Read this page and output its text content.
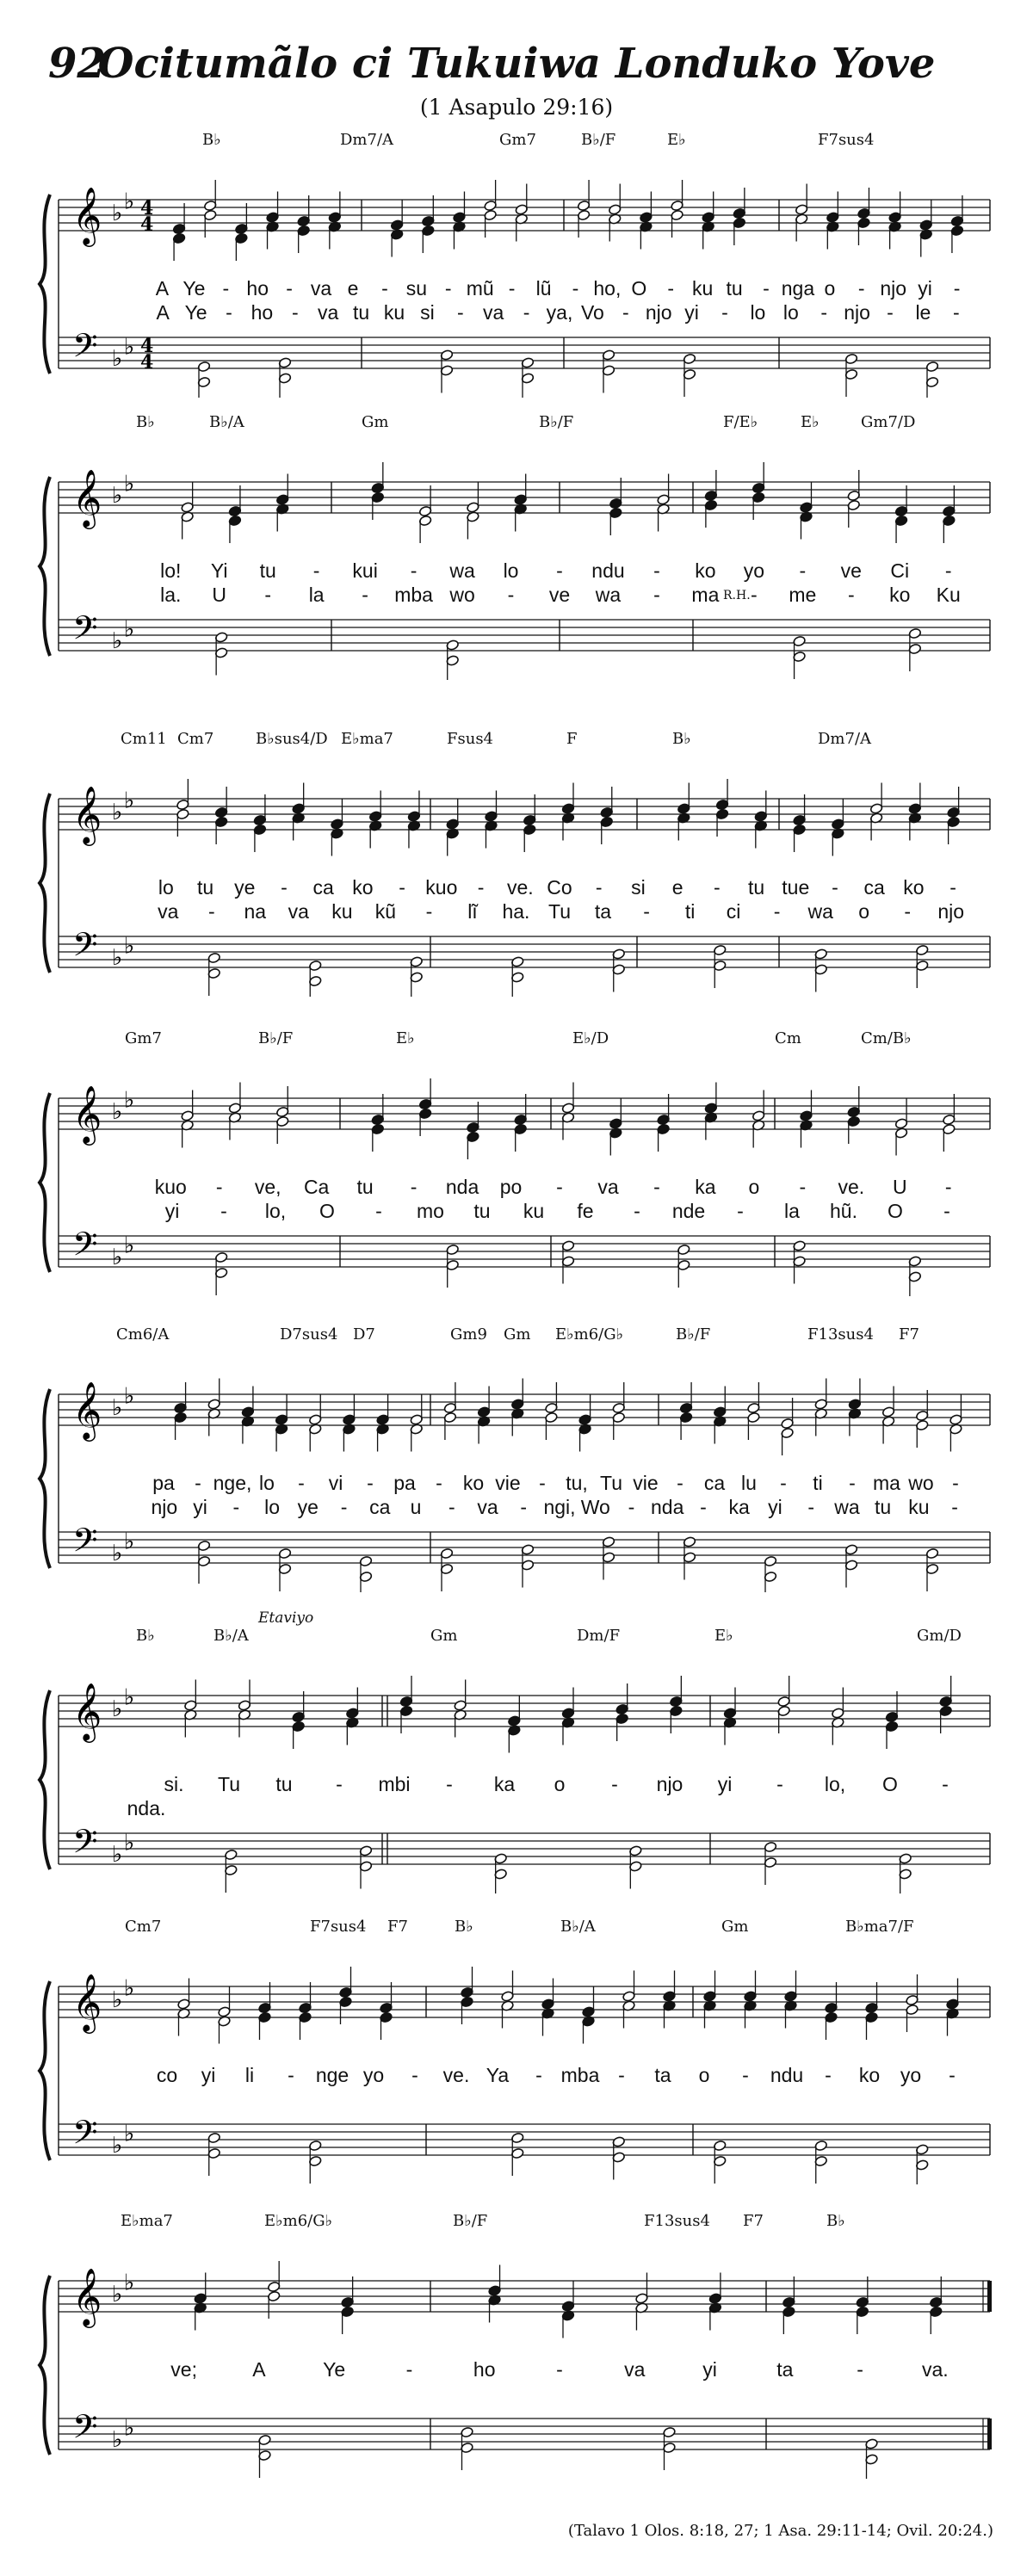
92
Ocitumãlo ci Tukuiwa Londuko Yove
(1 Asapulo 29:16)
𝄞
𝄢
♭ ♭
♭ ♭
4
4
4
4
B♭	Dm7/A	Gm7	B♭/F	E♭	F7sus4
A Ye - ho - va e - su - mũ - lũ - ho, O - ku tu - nga o - njo yi -
A Ye - ho - va tu ku si - va - ya, Vo - njo yi - lo lo - njo - le -
𝄞
𝄢
♭ ♭
♭ ♭
B♭	B♭/A	Gm	B♭/F	F/E♭	E♭	Gm7/D
R.H.
lo! Yi tu - kui - wa lo - ndu - ko yo - ve Ci -
la. U - la - mba wo - ve wa - ma - me - ko Ku
𝄞
𝄢
♭ ♭
♭ ♭
Cm11 Cm7	B♭sus4/D E♭ma7	Fsus4	F	B♭	Dm7/A
lo tu ye - ca ko - kuo - ve. Co - si e - tu tue - ca ko -
va - na va ku kũ - lĩ ha. Tu ta - ti ci - wa o - njo
𝄞
𝄢
♭ ♭
♭ ♭
Gm7	B♭/F	E♭	E♭/D	Cm	Cm/B♭
kuo - ve, Ca tu - nda po - va - ka o - ve. U -
yi - lo, O - mo tu ku fe - nde - la hũ. O -
𝄞
𝄢
♭ ♭
♭ ♭
Cm6/A	D7sus4 D7	Gm9 Gm E♭m6/G♭	B♭/F	F13sus4 F7
pa - nge, lo - vi - pa - ko vie - tu, Tu vie - ca lu - ti - ma wo -
njo yi - lo ye - ca u - va - ngi, Wo - nda - ka yi - wa tu ku -
𝄞
𝄢
♭ ♭
♭ ♭
B♭	B♭/A	Gm	Dm/F	E♭	Gm/D
Etaviyo
si. Tu tu - mbi - ka o - njo yi - lo, O -
nda.
𝄞
𝄢
♭ ♭
♭ ♭
Cm7	F7sus4 F7	B♭	B♭/A	Gm	B♭ma7/F
co yi li - nge yo - ve. Ya - mba - ta o - ndu - ko yo -
𝄞
𝄢
♭ ♭
♭ ♭
E♭ma7	E♭m6/G♭	B♭/F	F13sus4 F7	B♭
ve;	A	Ye	-	ho	-	va	yi	ta	-	va.
(Talavo 1 Olos. 8:18, 27; 1 Asa. 29:11-14; Ovil. 20:24.)
